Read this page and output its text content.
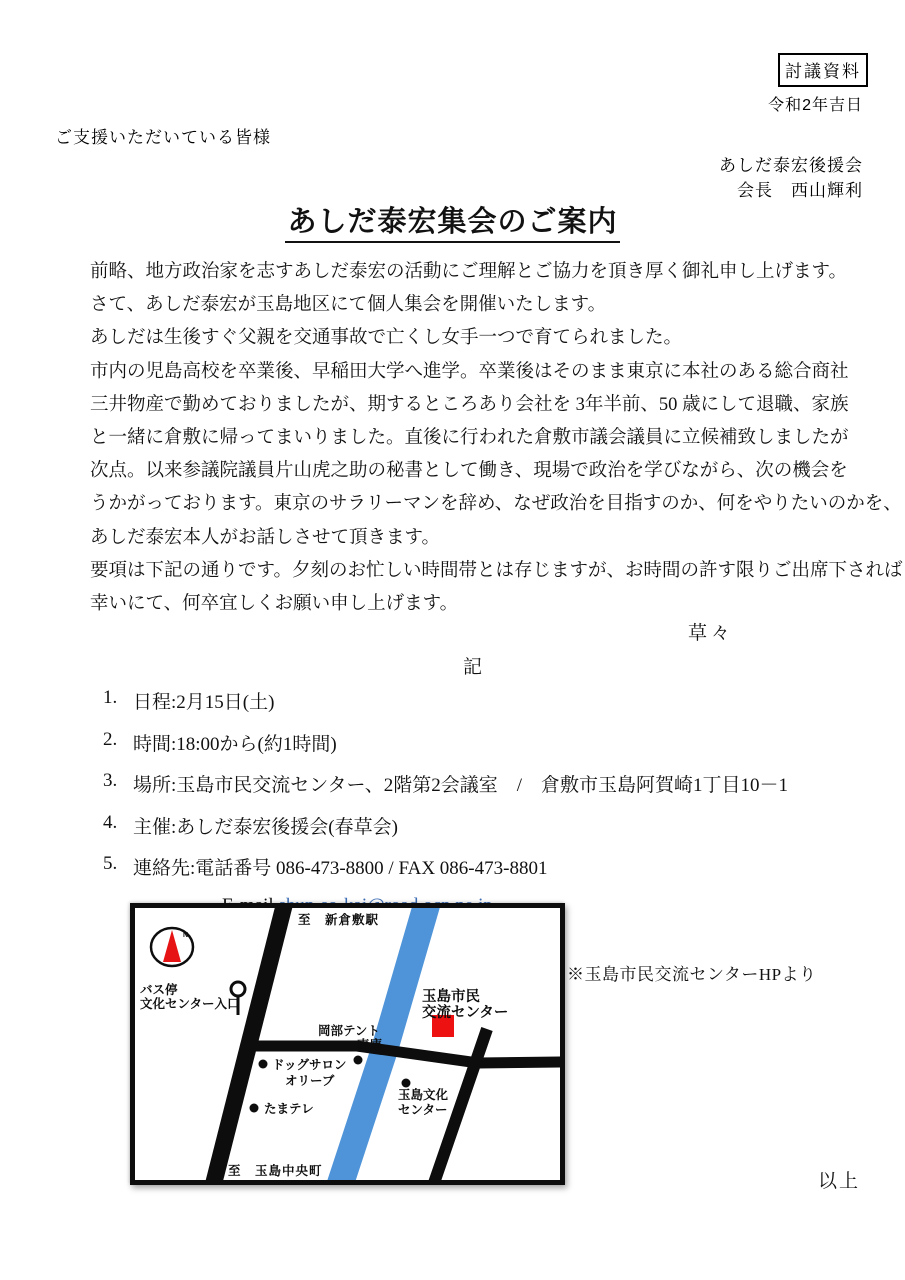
討議資料
令和2年吉日
ご支援いただいている皆様
あしだ泰宏後援会
会長　西山輝利
あしだ泰宏集会のご案内
前略、地方政治家を志すあしだ泰宏の活動にご理解とご協力を頂き厚く御礼申し上げます。
さて、あしだ泰宏が玉島地区にて個人集会を開催いたします。
あしだは生後すぐ父親を交通事故で亡くし女手一つで育てられました。
市内の児島高校を卒業後、早稲田大学へ進学。卒業後はそのまま東京に本社のある総合商社
三井物産で勤めておりましたが、期するところあり会社を 3年半前、50 歳にして退職、家族
と一緒に倉敷に帰ってまいりました。直後に行われた倉敷市議会議員に立候補致しましたが
次点。以来参議院議員片山虎之助の秘書として働き、現場で政治を学びながら、次の機会を
うかがっております。東京のサラリーマンを辞め、なぜ政治を目指すのか、何をやりたいのかを、
あしだ泰宏本人がお話しさせて頂きます。
要項は下記の通りです。夕刻のお忙しい時間帯とは存じますが、お時間の許す限りご出席下されば
幸いにて、何卒宜しくお願い申し上げます。
草々
記
1. 日程:2月15日(土)
2. 時間:18:00から(約1時間)
3. 場所:玉島市民交流センター、2階第2会議室　/　倉敷市玉島阿賀崎1丁目10－1
4. 主催:あしだ泰宏後援会(春草会)
5. 連絡先:電話番号 086-473-8800 / FAX 086-473-8801
N
至　新倉敷駅
バス停
文化センター入口
岡部テント
車庫
玉島市民
交流センター
ドッグサロン
オリーブ
たまテレ
玉島文化
センター
至　玉島中央町
※玉島市民交流センターHPより
以上
